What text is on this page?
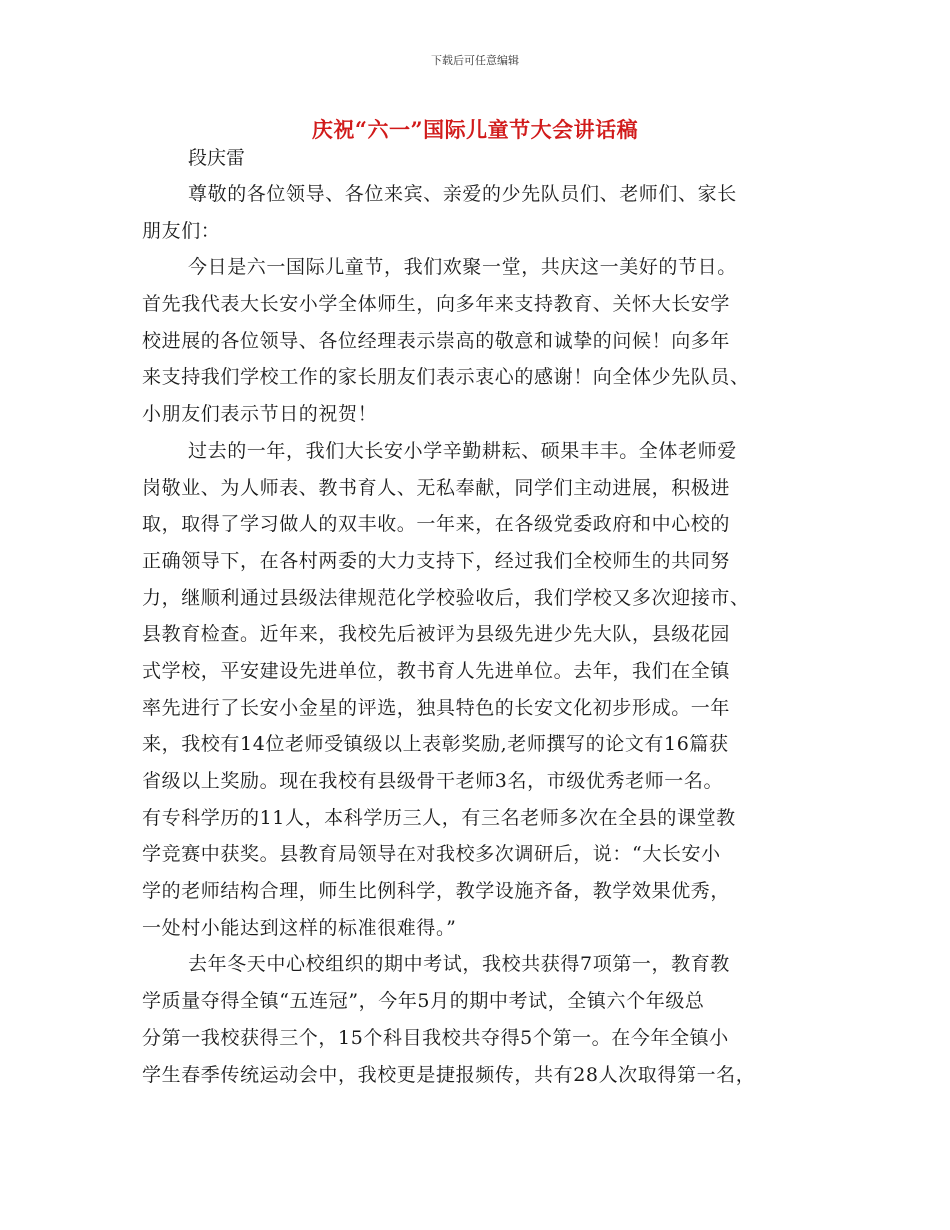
下载后可任意编辑
庆祝“六一”国际儿童节大会讲话稿
段庆雷
尊敬的各位领导、各位来宾、亲爱的少先队员们、老师们、家长
朋友们：
今日是六一国际儿童节，我们欢聚一堂，共庆这一美好的节日。
首先我代表大长安小学全体师生，向多年来支持教育、关怀大长安学
校进展的各位领导、各位经理表示崇高的敬意和诚挚的问候！向多年
来支持我们学校工作的家长朋友们表示衷心的感谢！向全体少先队员、
小朋友们表示节日的祝贺！
过去的一年，我们大长安小学辛勤耕耘、硕果丰丰。全体老师爱
岗敬业、为人师表、教书育人、无私奉献，同学们主动进展，积极进
取，取得了学习做人的双丰收。一年来，在各级党委政府和中心校的
正确领导下，在各村两委的大力支持下，经过我们全校师生的共同努
力，继顺利通过县级法律规范化学校验收后，我们学校又多次迎接市、
县教育检查。近年来，我校先后被评为县级先进少先大队，县级花园
式学校，平安建设先进单位，教书育人先进单位。去年，我们在全镇
率先进行了长安小金星的评选，独具特色的长安文化初步形成。一年
来，我校有14位老师受镇级以上表彰奖励,老师撰写的论文有16篇获
省级以上奖励。现在我校有县级骨干老师3名，市级优秀老师一名。
有专科学历的11人，本科学历三人，有三名老师多次在全县的课堂教
学竞赛中获奖。县教育局领导在对我校多次调研后，说：“大长安小
学的老师结构合理，师生比例科学，教学设施齐备，教学效果优秀，
一处村小能达到这样的标准很难得。”
去年冬天中心校组织的期中考试，我校共获得7项第一，教育教
学质量夺得全镇“五连冠”，今年5月的期中考试，全镇六个年级总
分第一我校获得三个，15个科目我校共夺得5个第一。在今年全镇小
学生春季传统运动会中，我校更是捷报频传，共有28人次取得第一名，
